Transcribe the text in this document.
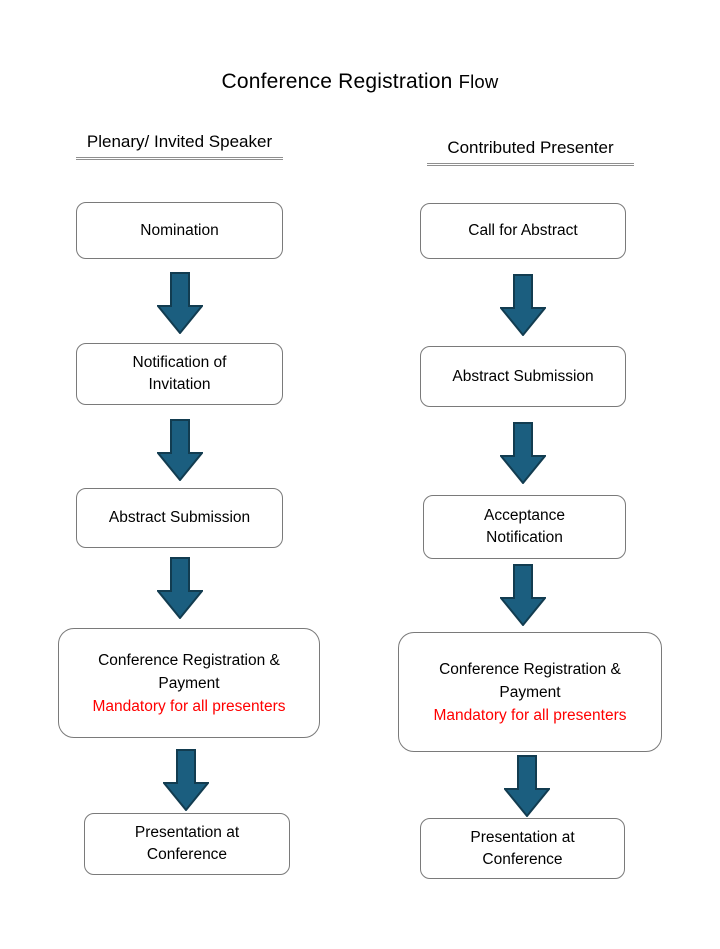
Conference Registration Flow
Plenary/ Invited Speaker	Contributed Presenter
Nomination
Notification of
Invitation
Abstract Submission
Conference Registration &
Payment
Mandatory for all presenters
Presentation at
Conference
Call for Abstract
Abstract Submission
Acceptance
Notification
Conference Registration &
Payment
Mandatory for all presenters
Presentation at
Conference
